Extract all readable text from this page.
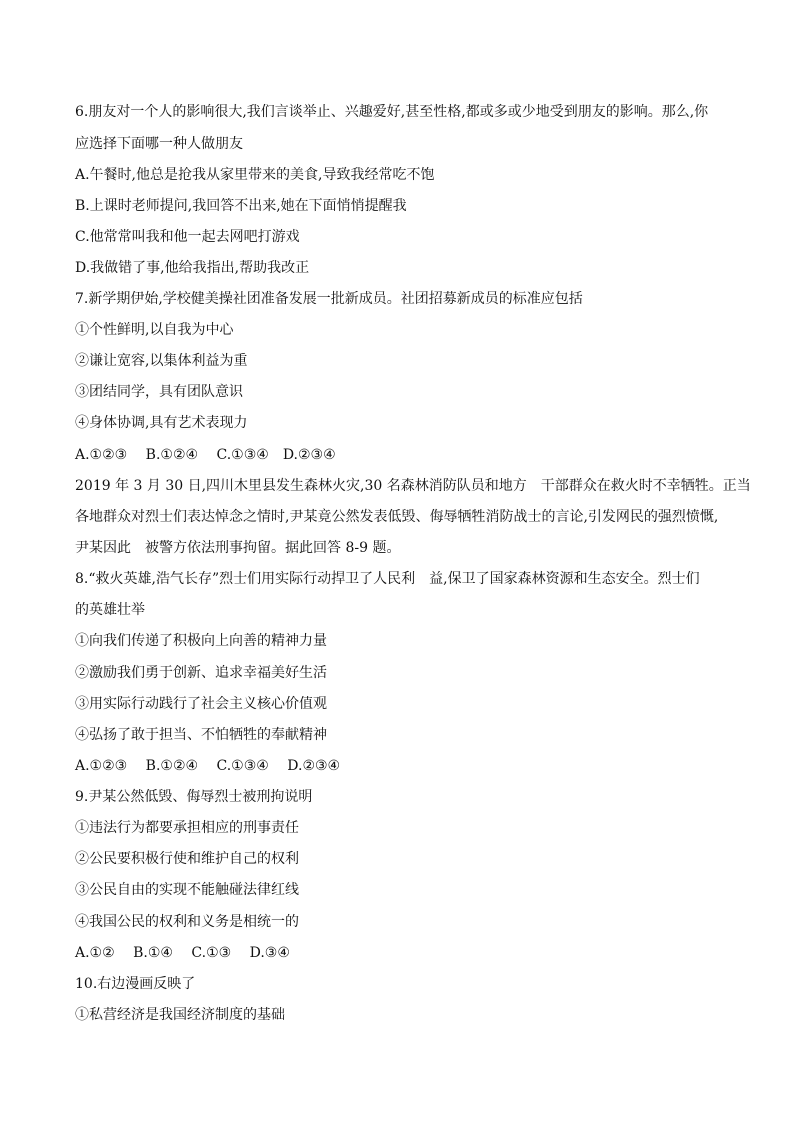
6.朋友对一个人的影响很大,我们言谈举止、兴趣爱好,甚至性格,都或多或少地受到朋友的影响。那么,你
应选择下面哪一种人做朋友
A.午餐时,他总是抢我从家里带来的美食,导致我经常吃不饱
B.上课时老师提问,我回答不出来,她在下面悄悄提醒我
C.他常常叫我和他一起去网吧打游戏
D.我做错了事,他给我指出,帮助我改正
7.新学期伊始,学校健美操社团准备发展一批新成员。社团招募新成员的标准应包括
①个性鲜明,以自我为中心
②谦让宽容,以集体利益为重
③团结同学，具有团队意识
④身体协调,具有艺术表现力
A.①②③　 B.①②④　 C.①③④　D.②③④
2019 年 3 月 30 日,四川木里县发生森林火灾,30 名森林消防队员和地方　干部群众在救火时不幸牺牲。正当
各地群众对烈士们表达悼念之情时,尹某竟公然发表低毁、侮辱牺牲消防战士的言论,引发网民的强烈愤慨,
尹某因此　被警方依法刑事拘留。据此回答 8-9 题。
8.“救火英雄,浩气长存”烈士们用实际行动捍卫了人民利　益,保卫了国家森林资源和生态安全。烈士们
的英雄壮举
①向我们传递了积极向上向善的精神力量
②激励我们勇于创新、追求幸福美好生活
③用实际行动践行了社会主义核心价值观
④弘扬了敢于担当、不怕牺牲的奉献精神
A.①②③　 B.①②④　 C.①③④　 D.②③④
9.尹某公然低毁、侮辱烈士被刑拘说明
①违法行为都要承担相应的刑事责任
②公民要积极行使和维护自己的权利
③公民自由的实现不能触碰法律红线
④我国公民的权利和义务是相统一的
A.①②　 B.①④　 C.①③　 D.③④
10.右边漫画反映了
①私营经济是我国经济制度的基础
